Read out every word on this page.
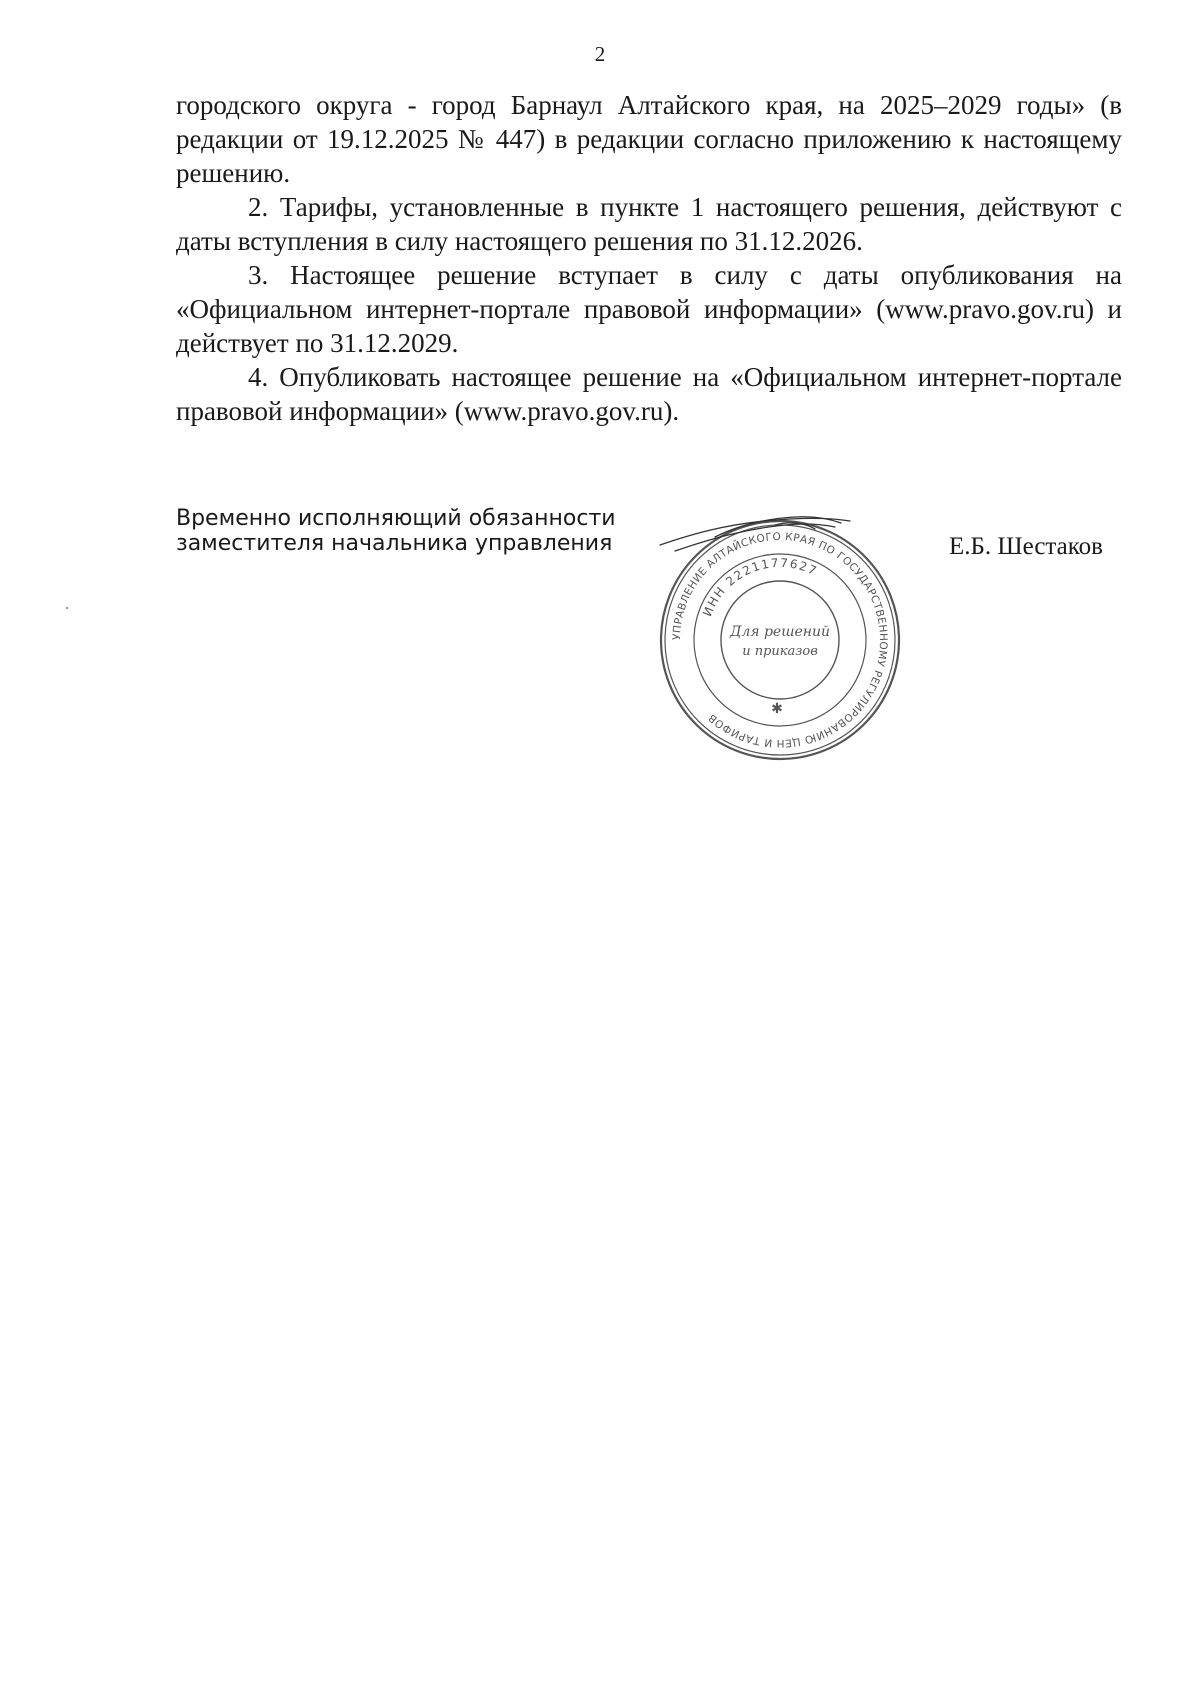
2

городского округа - город Барнаул Алтайского края, на 2025–2029 годы» (в редакции от 19.12.2025 № 447) в редакции согласно приложению к настоящему решению.

2. Тарифы, установленные в пункте 1 настоящего решения, действуют с даты вступления в силу настоящего решения по 31.12.2026.

3. Настоящее решение вступает в силу с даты опубликования на «Официальном интернет-портале правовой информации» (www.pravo.gov.ru) и действует по 31.12.2029.

4. Опубликовать настоящее решение на «Официальном интернет-портале правовой информации» (www.pravo.gov.ru).

Временно исполняющий обязанности
заместителя начальника управления	Е.Б. Шестаков
УПРАВЛЕНИЕ АЛТАЙСКОГО КРАЯ ПО ГОСУДАРСТВЕННОМУ РЕГУЛИРОВАНИЮ ЦЕН И ТАРИФОВ
ИНН 2221177627
Для решений
и приказов
✱
